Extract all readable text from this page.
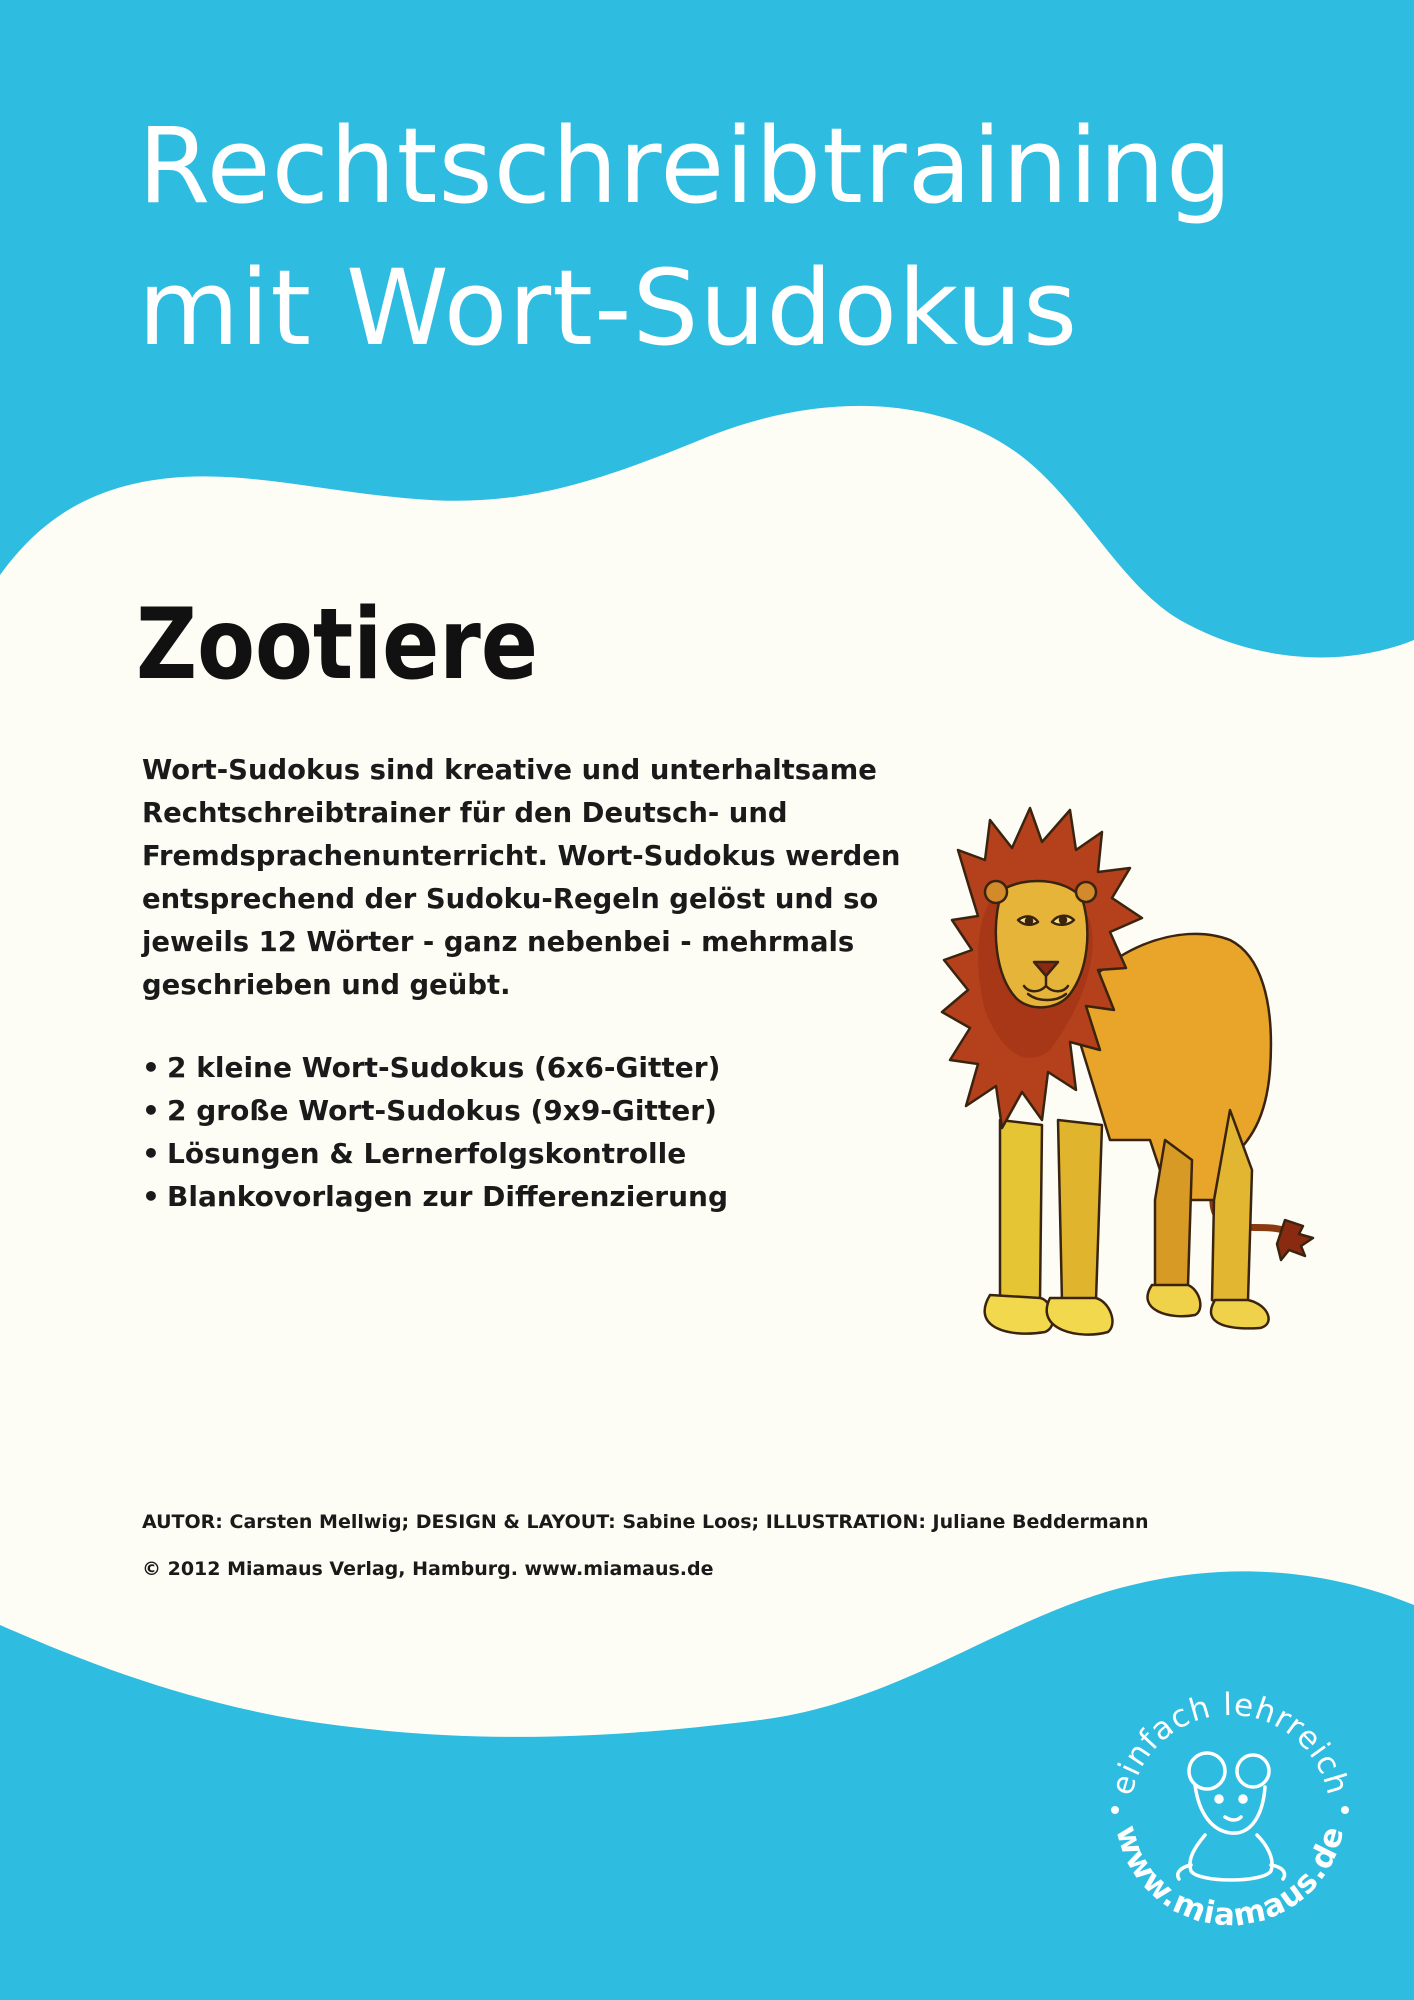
Rechtschreibtraining
mit Wort-Sudokus
Zootiere
Wort-Sudokus sind kreative und unterhaltsame
Rechtschreibtrainer für den Deutsch- und
Fremdsprachenunterricht. Wort-Sudokus werden
entsprechend der Sudoku-Regeln gelöst und so
jeweils 12 Wörter - ganz nebenbei - mehrmals
geschrieben und geübt.
• 2 kleine Wort-Sudokus (6x6-Gitter)
• 2 große Wort-Sudokus (9x9-Gitter)
• Lösungen & Lernerfolgskontrolle
• Blankovorlagen zur Differenzierung
AUTOR: Carsten Mellwig; DESIGN & LAYOUT: Sabine Loos; ILLUSTRATION: Juliane Beddermann
© 2012 Miamaus Verlag, Hamburg. www.miamaus.de
einfach lehrreich
www.miamaus.de
